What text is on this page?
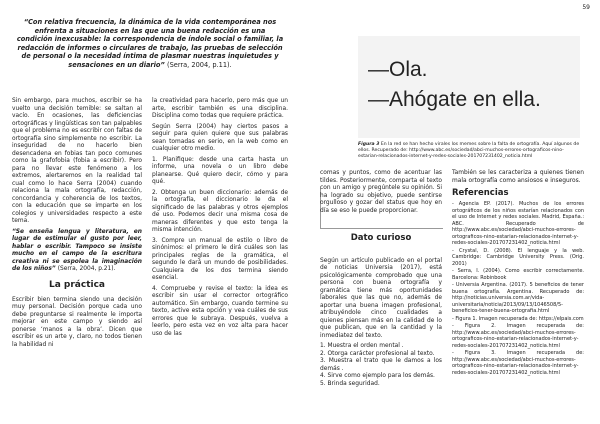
59
“Con relativa frecuencia, la dinámica de la vida contemporánea nos enfrenta a situaciones en las que una buena redacción es una condición inexcusable: la correspondencia de índole social o familiar, la redacción de informes o circulares de trabajo, las pruebas de selección de personal o la necesidad íntima de plasmar nuestras inquietudes y sensaciones en un diario” (Serra, 2004, p.11).

Sin embargo, para muchos, escribir se ha vuelto una decisión temible: se saltan al vacío. En ocasiones, las deficiencias ortográficas y lingüísticas son tan palpables que el problema no es escribir con faltas de ortografía sino simplemente no escribir. La inseguridad de no hacerlo bien desencadena en fobias tan poco comunes como la grafofobia (fobia a escribir). Pero para no llevar este fenómeno a los extremos, alertaremos en la realidad tal cual como lo hace Serra (2004) cuando relaciona la mala ortografía, redacción, concordancia y coherencia de los textos, con la educación que se imparte en los colegios y universidades respecto a este tema.

“Se enseña lengua y literatura, en lugar de estimular el gusto por leer, hablar o escribir. Tampoco se insiste mucho en el campo de la escritura creativa ni se espolea la imaginación de los niños” (Serra, 2004, p.21).

La práctica

Escribir bien termina siendo una decisión muy personal. Decisión porque cada uno debe preguntarse si realmente le importa mejorar en este campo y siendo así ponerse ‘manos a la obra’. Dicen que escribir es un arte y, claro, no todos tienen la habilidad ni

la creatividad para hacerlo, pero más que un arte, escribir también es una disciplina. Disciplina como todas que requiere práctica.

Según Serra (2004) hay ciertos pasos a seguir para quien quiere que sus palabras sean tomadas en serio, en la web como en cualquier otro medio.

1. Planifique: desde una carta hasta un informe, una novela o un libro debe planearse. Qué quiero decir, cómo y para qué.

2. Obtenga un buen diccionario: además de la ortografía, el diccionario le da el significado de las palabras y otros ejemplos de uso. Podemos decir una misma cosa de maneras diferentes y que esto tenga la misma intención.

3. Compre un manual de estilo o libro de sinónimos: el primero le dirá cuáles son las principales reglas de la gramática, el segundo le dará un mundo de posibilidades. Cualquiera de los dos termina siendo esencial.

4. Compruebe y revise el texto: la idea es escribir sin usar el corrector ortográfico automático. Sin embargo, cuando termine su texto, active esta opción y vea cuáles de sus errores que le subraya. Después, vuelva a leerlo, pero esta vez en voz alta para hacer uso de las

—Ola.
—Ahógate en ella.
Figura 3 En la red se han hecho virales los memes sobre la falta de ortografía. Aquí algunos de ellos. Recuperado de: http://www.abc.es/sociedad/abci-muchos-errores-ortograficos-nino-estarian-relacionados-internet-y-redes-sociales-201707231402_noticia.html

comas y puntos, como de acentuar las tildes. Posteriormente, comparta el texto con un amigo y pregúntele su opinión. Si ha logrado su objetivo, puede sentirse orgulloso y gozar del status que hoy en día se eso le puede proporcionar.

Dato curioso

Según un artículo publicado en el portal de noticias Universia (2017), está psicológicamente comprobado que una persona con buena ortografía y gramática tiene más oportunidades laborales que las que no, además de aportar una buena imagen profesional, atribuyéndole cinco cualidades a quienes piensan más en la calidad de lo que publican, que en la cantidad y la inmediatez del texto.

1. Muestra el orden mental .
2. Otorga carácter profesional al texto.
3. Muestra el trato que le damos a los demás .
4. Sirve como ejemplo para los demás.
5. Brinda seguridad.

También se les caracteriza a quienes tienen mala ortografía como ansiosos e inseguros.

Referencias

- Agencia EP. (2017). Muchos de los errores ortográficos de los niños estarían relacionados con el uso de Internet y redes sociales. Madrid, España.: ABC. Recuperado de http://www.abc.es/sociedad/abci-muchos-errores-ortograficos-nino-estarian-relacionados-internet-y-redes-sociales-201707231402_noticia.html

- Crystal, D. (2008). El lenguaje y la web. Cambridge: Cambridge University Press. (Orig. 2001)

- Serra, I. (2004). Como escribir correctamente. Barcelona: Robinbook

- Universia Argentina. (2017). 5 beneficios de tener buena ortografía. Argentina. Recuperado de: http://noticias.universia.com.ar/vida-universitaria/noticia/2013/09/13/1046508/5-beneficios-tener-buena-ortografia.html

- Figura 1. Imagen recuperada de: https://elpais.com

- Figura 2. Imagen recuperada de: http://www.abc.es/sociedad/abci-muchos-errores-ortograficos-nino-estarian-relacionados-internet-y-redes-sociales-201707231402_noticia.html

- Figura 3. Imagen recuperada de: http://www.abc.es/sociedad/abci-muchos-errores-ortograficos-nino-estarian-relacionados-internet-y-redes-sociales-201707231402_noticia.html
